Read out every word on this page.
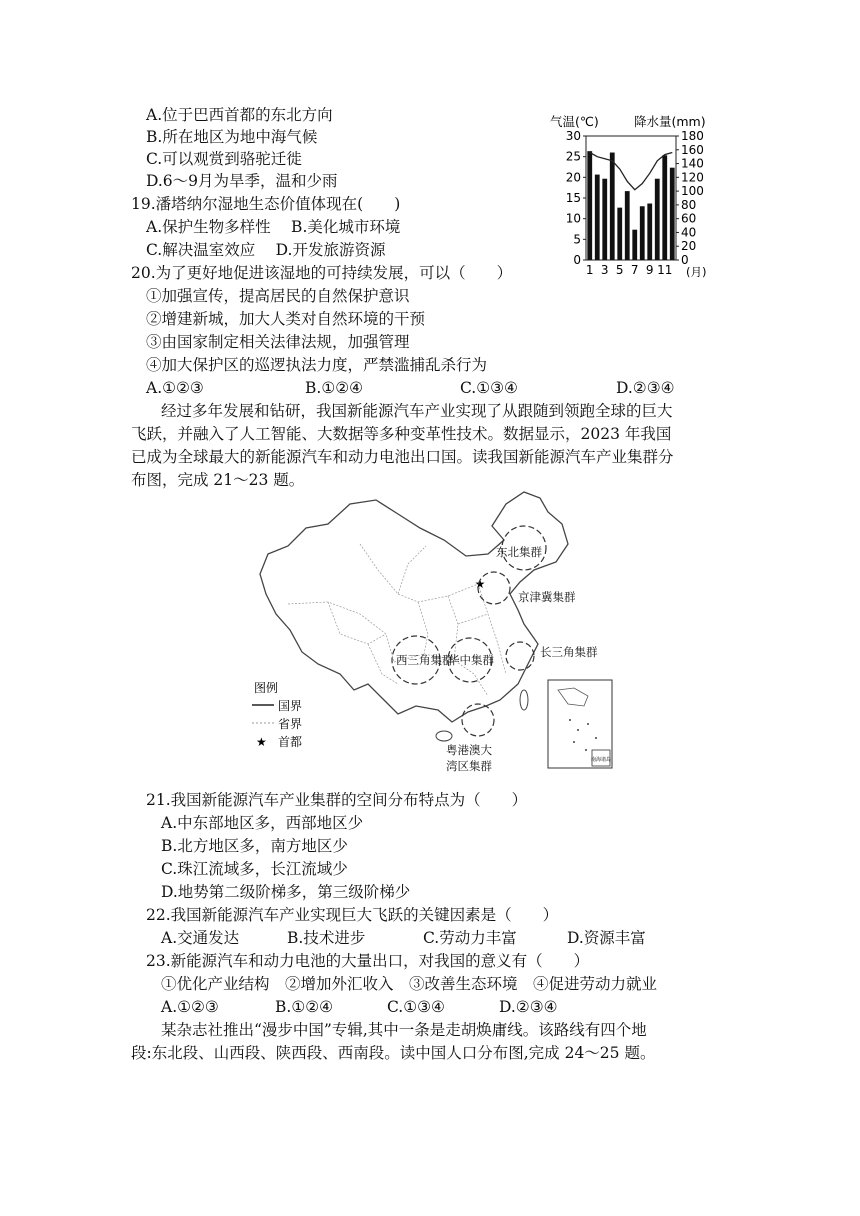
A.位于巴西首都的东北方向
B.所在地区为地中海气候
C.可以观赏到骆驼迁徙
D.6～9月为旱季，温和少雨
19.潘塔纳尔湿地生态价值体现在(　　)
A.保护生物多样性　 B.美化城市环境
C.解决温室效应　 D.开发旅游资源
20.为了更好地促进该湿地的可持续发展，可以（　　）
①加强宣传，提高居民的自然保护意识
②增建新城，加大人类对自然环境的干预
③由国家制定相关法律法规，加强管理
④加大保护区的巡逻执法力度，严禁滥捕乱杀行为
A.①②③	B.①②④	C.①③④	D.②③④
经过多年发展和钻研，我国新能源汽车产业实现了从跟随到领跑全球的巨大
飞跃，并融入了人工智能、大数据等多种变革性技术。数据显示，2023 年我国
已成为全球最大的新能源汽车和动力电池出口国。读我国新能源汽车产业集群分
布图，完成 21～23 题。
气温(℃)	降水量(mm)
(月)
0
5
10
15
20
25
30
0
20
40
60
80
100
120
140
160
180
1 3 5 7 9 11
★
东北集群
京津冀集群
长三角集群
西三角集群
华中集群
粤港澳大
湾区集群
图例
国界
省界
★ 首都
南海诸岛
21.我国新能源汽车产业集群的空间分布特点为（　　）
A.中东部地区多，西部地区少
B.北方地区多，南方地区少
C.珠江流域多，长江流域少
D.地势第二级阶梯多，第三级阶梯少
22.我国新能源汽车产业实现巨大飞跃的关键因素是（　　）
A.交通发达	B.技术进步	C.劳动力丰富	D.资源丰富
23.新能源汽车和动力电池的大量出口，对我国的意义有（　　）
①优化产业结构　②增加外汇收入　③改善生态环境　④促进劳动力就业
A.①②③	B.①②④	C.①③④	D.②③④
某杂志社推出“漫步中国”专辑,其中一条是走胡焕庸线。该路线有四个地
段:东北段、山西段、陕西段、西南段。读中国人口分布图,完成 24～25 题。
